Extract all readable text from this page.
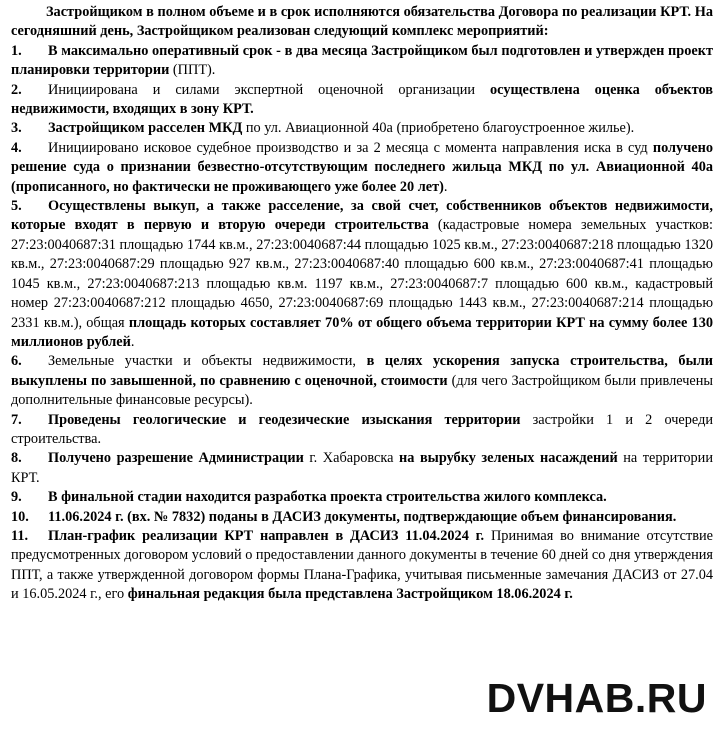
Застройщиком в полном объеме и в срок исполняются обязательства Договора по реализации КРТ. На сегодняшний день, Застройщиком реализован следующий комплекс мероприятий:

1. В максимально оперативный срок - в два месяца Застройщиком был подготовлен и утвержден проект планировки территории (ППТ).

2. Инициирована и силами экспертной оценочной организации осуществлена оценка объектов недвижимости, входящих в зону КРТ.

3. Застройщиком расселен МКД по ул. Авиационной 40а (приобретено благоустроенное жилье).

4. Инициировано исковое судебное производство и за 2 месяца с момента направления иска в суд получено решение суда о признании безвестно-отсутствующим последнего жильца МКД по ул. Авиационной 40а (прописанного, но фактически не проживающего уже более 20 лет).

5. Осуществлены выкуп, а также расселение, за свой счет, собственников объектов недвижимости, которые входят в первую и вторую очереди строительства (кадастровые номера земельных участков: 27:23:0040687:31 площадью 1744 кв.м., 27:23:0040687:44 площадью 1025 кв.м., 27:23:0040687:218 площадью 1320 кв.м., 27:23:0040687:29 площадью 927 кв.м., 27:23:0040687:40 площадью 600 кв.м., 27:23:0040687:41 площадью 1045 кв.м., 27:23:0040687:213 площадью кв.м. 1197 кв.м., 27:23:0040687:7 площадью 600 кв.м., кадастровый номер 27:23:0040687:212 площадью 4650, 27:23:0040687:69 площадью 1443 кв.м., 27:23:0040687:214 площадью 2331 кв.м.), общая площадь которых составляет 70% от общего объема территории КРТ на сумму более 130 миллионов рублей.

6. Земельные участки и объекты недвижимости, в целях ускорения запуска строительства, были выкуплены по завышенной, по сравнению с оценочной, стоимости (для чего Застройщиком были привлечены дополнительные финансовые ресурсы).

7. Проведены геологические и геодезические изыскания территории застройки 1 и 2 очереди строительства.

8. Получено разрешение Администрации г. Хабаровска на вырубку зеленых насаждений на территории КРТ.

9. В финальной стадии находится разработка проекта строительства жилого комплекса.

10. 11.06.2024 г. (вх. № 7832) поданы в ДАСИЗ документы, подтверждающие объем финансирования.

11. План-график реализации КРТ направлен в ДАСИЗ 11.04.2024 г. Принимая во внимание отсутствие предусмотренных договором условий о предоставлении данного документы в течение 60 дней со дня утверждения ППТ, а также утвержденной договором формы Плана-Графика, учитывая письменные замечания ДАСИЗ от 27.04 и 16.05.2024 г., его финальная редакция была представлена Застройщиком 18.06.2024 г.

DVHAB.RU
